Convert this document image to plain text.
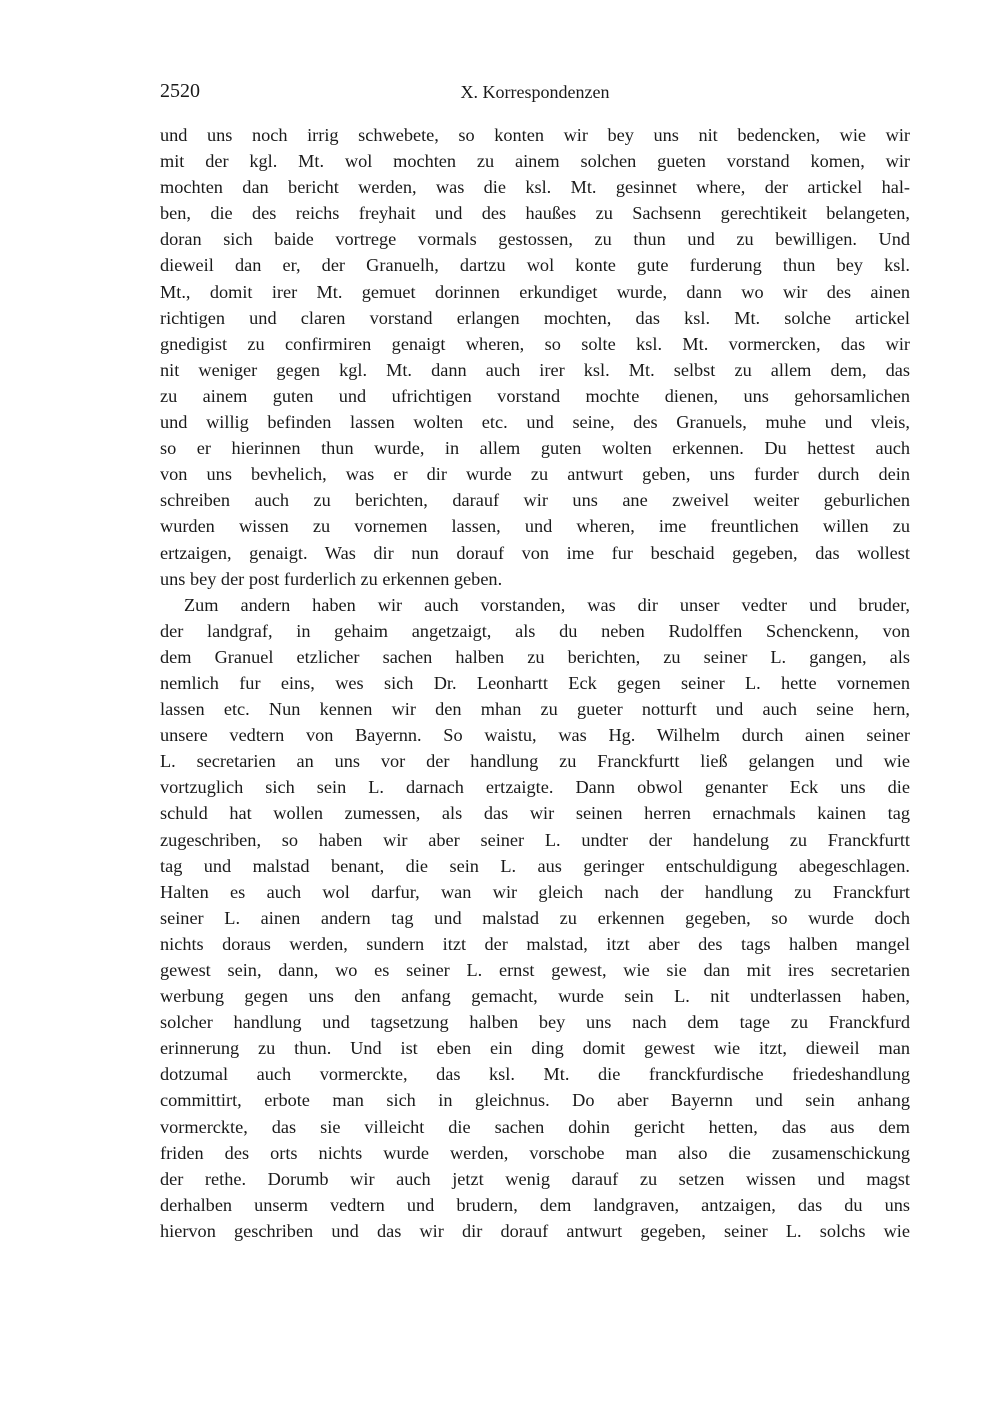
2520	X. Korrespondenzen
und uns noch irrig schwebete, so konten wir bey uns nit bedencken, wie wir
mit der kgl. Mt. wol mochten zu ainem solchen gueten vorstand komen, wir
mochten dan bericht werden, was die ksl. Mt. gesinnet where, der artickel hal-
ben, die des reichs freyhait und des haußes zu Sachsenn gerechtikeit belangeten,
doran sich baide vortrege vormals gestossen, zu thun und zu bewilligen. Und
dieweil dan er, der Granuelh, dartzu wol konte gute furderung thun bey ksl.
Mt., domit irer Mt. gemuet dorinnen erkundiget wurde, dann wo wir des ainen
richtigen und claren vorstand erlangen mochten, das ksl. Mt. solche artickel
gnedigist zu confirmiren genaigt wheren, so solte ksl. Mt. vormercken, das wir
nit weniger gegen kgl. Mt. dann auch irer ksl. Mt. selbst zu allem dem, das
zu ainem guten und ufrichtigen vorstand mochte dienen, uns gehorsamlichen
und willig befinden lassen wolten etc. und seine, des Granuels, muhe und vleis,
so er hierinnen thun wurde, in allem guten wolten erkennen. Du hettest auch
von uns bevhelich, was er dir wurde zu antwurt geben, uns furder durch dein
schreiben auch zu berichten, darauf wir uns ane zweivel weiter geburlichen
wurden wissen zu vornemen lassen, und wheren, ime freuntlichen willen zu
ertzaigen, genaigt. Was dir nun dorauf von ime fur beschaid gegeben, das wollest
uns bey der post furderlich zu erkennen geben.
Zum andern haben wir auch vorstanden, was dir unser vedter und bruder,
der landgraf, in gehaim angetzaigt, als du neben Rudolffen Schenckenn, von
dem Granuel etzlicher sachen halben zu berichten, zu seiner L. gangen, als
nemlich fur eins, wes sich Dr. Leonhartt Eck gegen seiner L. hette vornemen
lassen etc. Nun kennen wir den mhan zu gueter notturft und auch seine hern,
unsere vedtern von Bayernn. So waistu, was Hg. Wilhelm durch ainen seiner
L. secretarien an uns vor der handlung zu Franckfurtt ließ gelangen und wie
vortzuglich sich sein L. darnach ertzaigte. Dann obwol genanter Eck uns die
schuld hat wollen zumessen, als das wir seinen herren ernachmals kainen tag
zugeschriben, so haben wir aber seiner L. undter der handelung zu Franckfurtt
tag und malstad benant, die sein L. aus geringer entschuldigung abegeschlagen.
Halten es auch wol darfur, wan wir gleich nach der handlung zu Franckfurt
seiner L. ainen andern tag und malstad zu erkennen gegeben, so wurde doch
nichts doraus werden, sundern itzt der malstad, itzt aber des tags halben mangel
gewest sein, dann, wo es seiner L. ernst gewest, wie sie dan mit ires secretarien
werbung gegen uns den anfang gemacht, wurde sein L. nit undterlassen haben,
solcher handlung und tagsetzung halben bey uns nach dem tage zu Franckfurd
erinnerung zu thun. Und ist eben ein ding domit gewest wie itzt, dieweil man
dotzumal auch vormerckte, das ksl. Mt. die franckfurdische friedeshandlung
committirt, erbote man sich in gleichnus. Do aber Bayernn und sein anhang
vormerckte, das sie villeicht die sachen dohin gericht hetten, das aus dem
friden des orts nichts wurde werden, vorschobe man also die zusamenschickung
der rethe. Dorumb wir auch jetzt wenig darauf zu setzen wissen und magst
derhalben unserm vedtern und brudern, dem landgraven, antzaigen, das du uns
hiervon geschriben und das wir dir dorauf antwurt gegeben, seiner L. solchs wie
